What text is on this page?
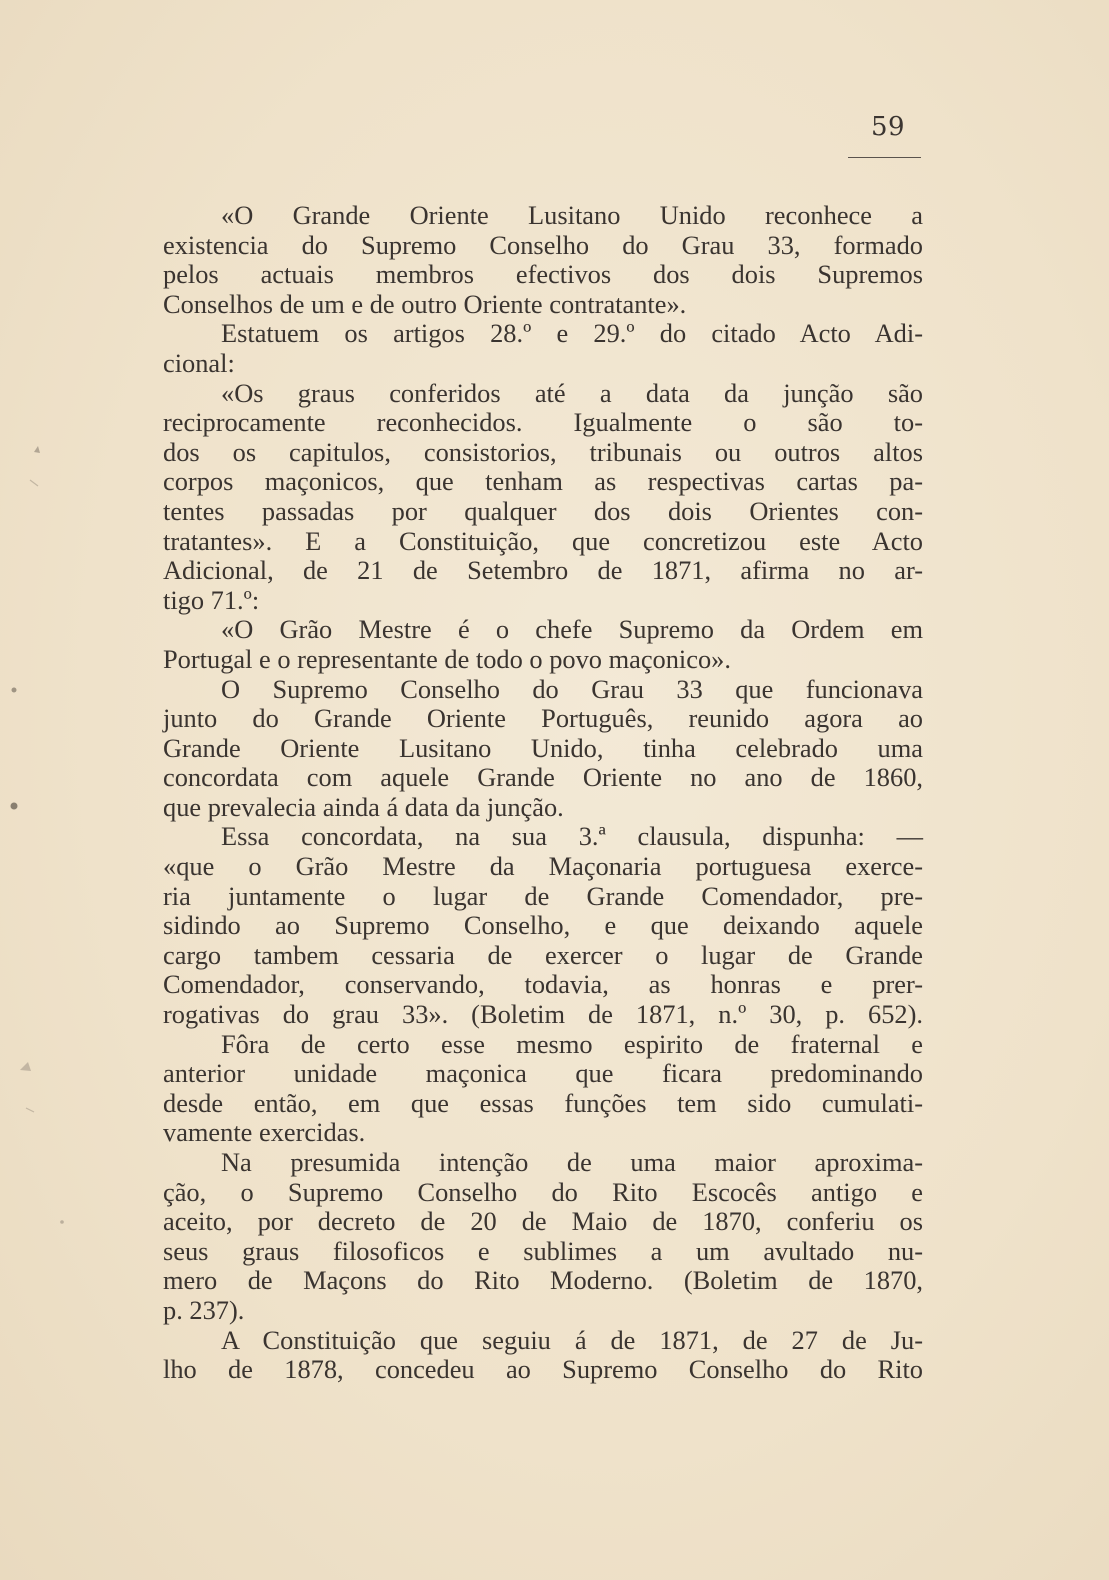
59
«O Grande Oriente Lusitano Unido reconhece a
existencia do Supremo Conselho do Grau 33, formado
pelos actuais membros efectivos dos dois Supremos
Conselhos de um e de outro Oriente contratante».
Estatuem os artigos 28.º e 29.º do citado Acto Adi-
cional:
«Os graus conferidos até a data da junção são
reciprocamente reconhecidos. Igualmente o são to-
dos os capitulos, consistorios, tribunais ou outros altos
corpos maçonicos, que tenham as respectivas cartas pa-
tentes passadas por qualquer dos dois Orientes con-
tratantes». E a Constituição, que concretizou este Acto
Adicional, de 21 de Setembro de 1871, afirma no ar-
tigo 71.º:
«O Grão Mestre é o chefe Supremo da Ordem em
Portugal e o representante de todo o povo maçonico».
O Supremo Conselho do Grau 33 que funcionava
junto do Grande Oriente Português, reunido agora ao
Grande Oriente Lusitano Unido, tinha celebrado uma
concordata com aquele Grande Oriente no ano de 1860,
que prevalecia ainda á data da junção.
Essa concordata, na sua 3.ª clausula, dispunha: —
«que o Grão Mestre da Maçonaria portuguesa exerce-
ria juntamente o lugar de Grande Comendador, pre-
sidindo ao Supremo Conselho, e que deixando aquele
cargo tambem cessaria de exercer o lugar de Grande
Comendador, conservando, todavia, as honras e prer-
rogativas do grau 33». (Boletim de 1871, n.º 30, p. 652).
Fôra de certo esse mesmo espirito de fraternal e
anterior unidade maçonica que ficara predominando
desde então, em que essas funções tem sido cumulati-
vamente exercidas.
Na presumida intenção de uma maior aproxima-
ção, o Supremo Conselho do Rito Escocês antigo e
aceito, por decreto de 20 de Maio de 1870, conferiu os
seus graus filosoficos e sublimes a um avultado nu-
mero de Maçons do Rito Moderno. (Boletim de 1870,
p. 237).
A Constituição que seguiu á de 1871, de 27 de Ju-
lho de 1878, concedeu ao Supremo Conselho do Rito
